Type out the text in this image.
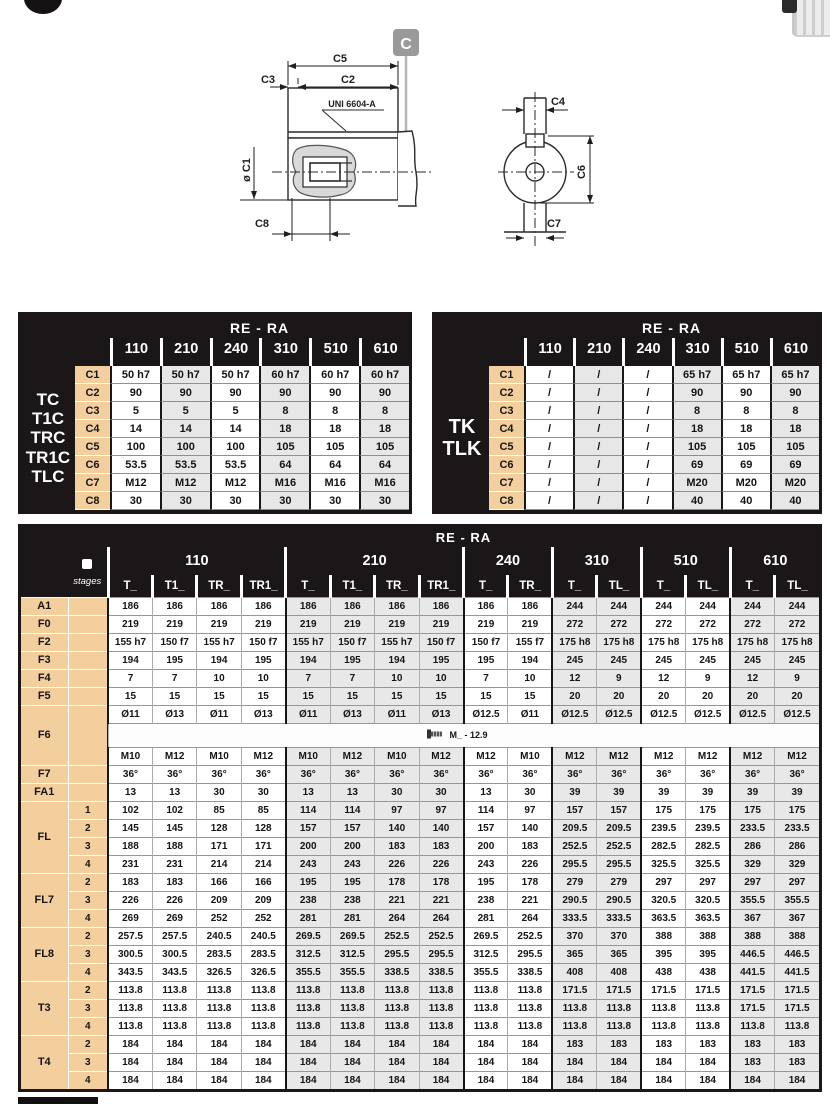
C
UNI 6604-A
C5
C3	C2
ø C1
C8
C4
C6
C7
RE - RA
110	210	240	310	510	610
TC
T1C
TRC
TR1C
TLC
C1	50 h7	50 h7	50 h7	60 h7	60 h7	60 h7
C2	90	90	90	90	90	90
C3	5	5	5	8	8	8
C4	14	14	14	18	18	18
C5	100	100	100	105	105	105
C6	53.5	53.5	53.5	64	64	64
C7	M12	M12	M12	M16	M16	M16
C8	30	30	30	30	30	30
RE - RA
110	210	240	310	510	610
TK
TLK
C1	/	/	/	65 h7	65 h7	65 h7
C2	/	/	/	90	90	90
C3	/	/	/	8	8	8
C4	/	/	/	18	18	18
C5	/	/	/	105	105	105
C6	/	/	/	69	69	69
C7	/	/	/	M20	M20	M20
C8	/	/	/	40	40	40
RE - RA																	

	stages	110				210				240		310		510		610	
		T_	T1_	TR_	TR1_	T_	T1_	TR_	TR1_	T_	TR_	T_	TL_	T_	TL_	T_	TL_
A1		186	186	186	186	186	186	186	186	186	186	244	244	244	244	244	244
F0		219	219	219	219	219	219	219	219	219	219	272	272	272	272	272	272
F2		155 h7	150 f7	155 h7	150 f7	155 h7	150 f7	155 h7	150 f7	150 f7	155 f7	175 h8	175 h8	175 h8	175 h8	175 h8	175 h8
F3		194	195	194	195	194	195	194	195	195	194	245	245	245	245	245	245
F4		7	7	10	10	7	7	10	10	7	10	12	9	12	9	12	9
F5		15	15	15	15	15	15	15	15	15	15	20	20	20	20	20	20
F6		Ø11	Ø13	Ø11	Ø13	Ø11	Ø13	Ø11	Ø13	Ø12.5	Ø11	Ø12.5	Ø12.5	Ø12.5	Ø12.5	Ø12.5	Ø12.5

		M_ - 12.9															

		M10	M12	M10	M12	M10	M12	M10	M12	M12	M10	M12	M12	M12	M12	M12	M12
F7		36°	36°	36°	36°	36°	36°	36°	36°	36°	36°	36°	36°	36°	36°	36°	36°
FA1		13	13	30	30	13	13	30	30	13	30	39	39	39	39	39	39
FL	1	102	102	85	85	114	114	97	97	114	97	157	157	175	175	175	175
	2	145	145	128	128	157	157	140	140	157	140	209.5	209.5	239.5	239.5	233.5	233.5
	3	188	188	171	171	200	200	183	183	200	183	252.5	252.5	282.5	282.5	286	286
	4	231	231	214	214	243	243	226	226	243	226	295.5	295.5	325.5	325.5	329	329
FL7	2	183	183	166	166	195	195	178	178	195	178	279	279	297	297	297	297
	3	226	226	209	209	238	238	221	221	238	221	290.5	290.5	320.5	320.5	355.5	355.5
	4	269	269	252	252	281	281	264	264	281	264	333.5	333.5	363.5	363.5	367	367
FL8	2	257.5	257.5	240.5	240.5	269.5	269.5	252.5	252.5	269.5	252.5	370	370	388	388	388	388
	3	300.5	300.5	283.5	283.5	312.5	312.5	295.5	295.5	312.5	295.5	365	365	395	395	446.5	446.5
	4	343.5	343.5	326.5	326.5	355.5	355.5	338.5	338.5	355.5	338.5	408	408	438	438	441.5	441.5
T3	2	113.8	113.8	113.8	113.8	113.8	113.8	113.8	113.8	113.8	113.8	171.5	171.5	171.5	171.5	171.5	171.5
	3	113.8	113.8	113.8	113.8	113.8	113.8	113.8	113.8	113.8	113.8	113.8	113.8	113.8	113.8	171.5	171.5
	4	113.8	113.8	113.8	113.8	113.8	113.8	113.8	113.8	113.8	113.8	113.8	113.8	113.8	113.8	113.8	113.8
T4	2	184	184	184	184	184	184	184	184	184	184	183	183	183	183	183	183
	3	184	184	184	184	184	184	184	184	184	184	184	184	184	184	183	183
	4	184	184	184	184	184	184	184	184	184	184	184	184	184	184	184	184
